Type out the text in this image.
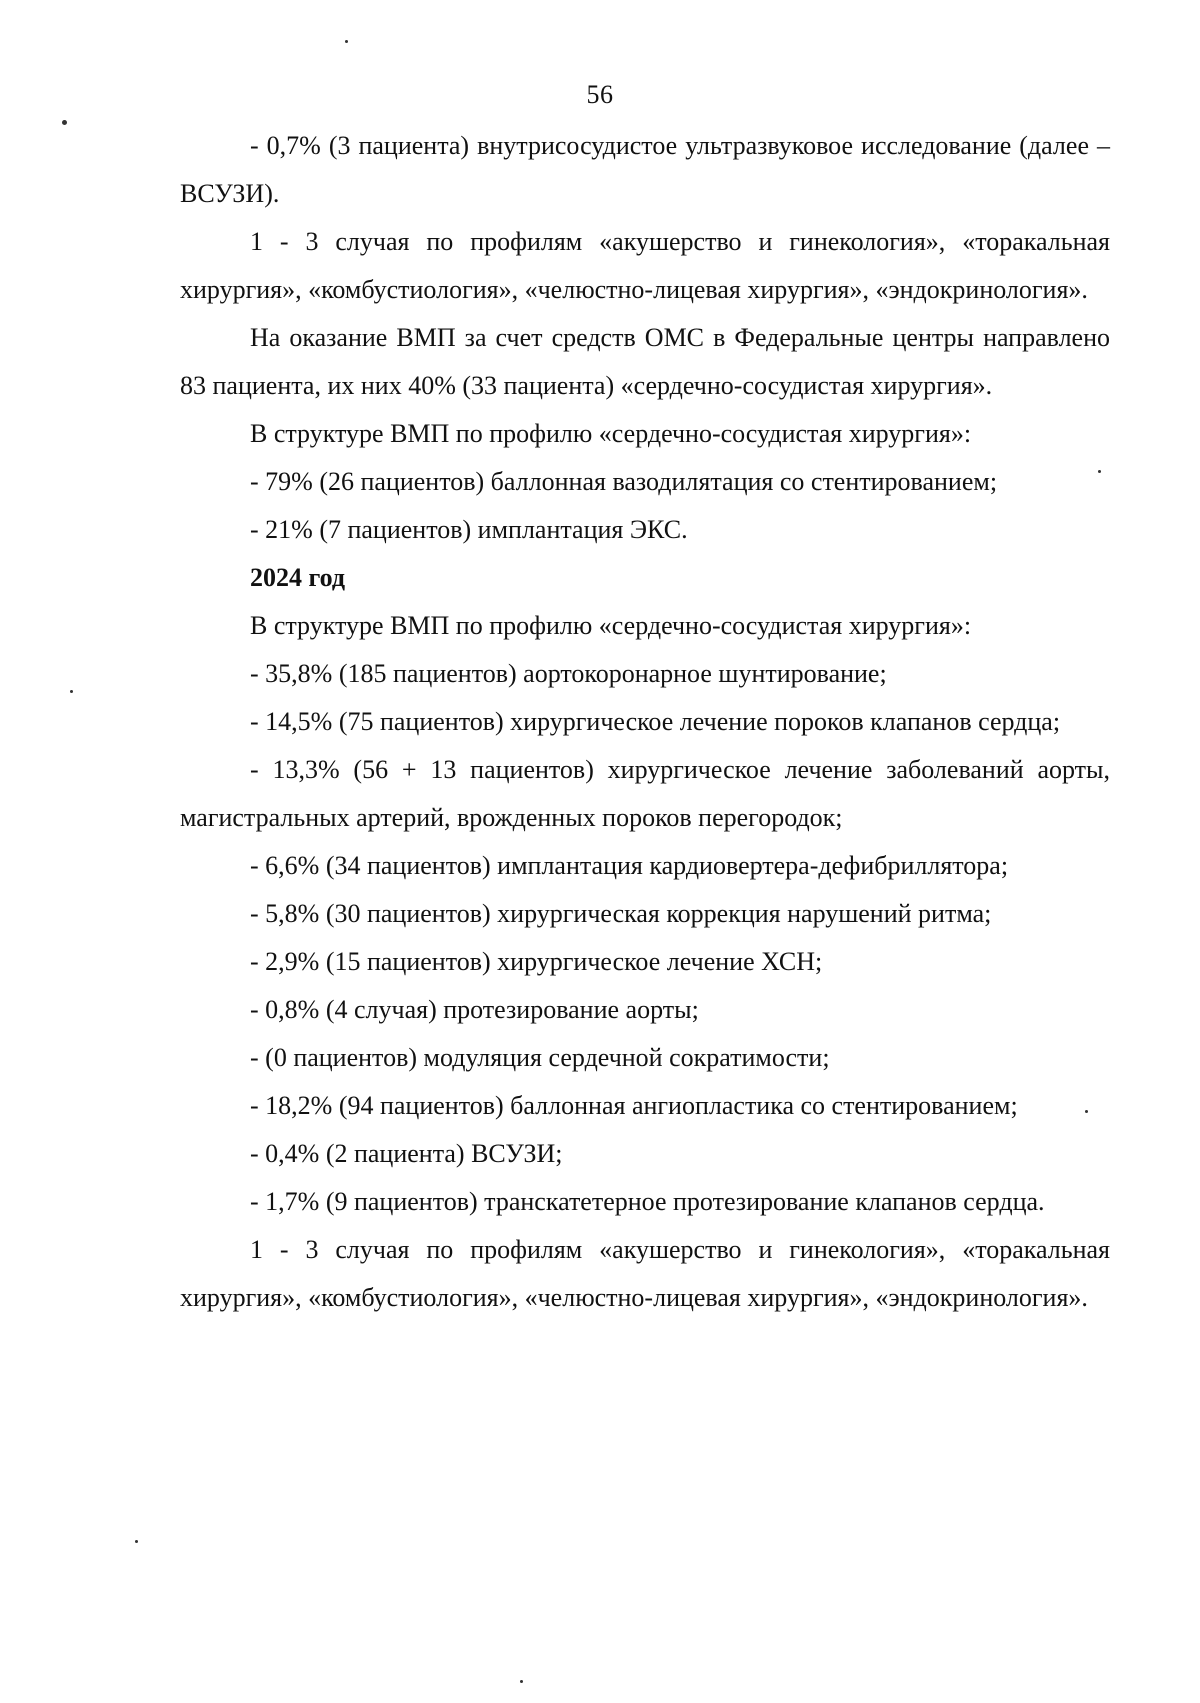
56

- 0,7% (3 пациента) внутрисосудистое ультразвуковое исследование (далее – ВСУЗИ).

1 - 3 случая по профилям «акушерство и гинекология», «торакальная хирургия», «комбустиология», «челюстно-лицевая хирургия», «эндокринология».

На оказание ВМП за счет средств ОМС в Федеральные центры направлено 83 пациента, их них 40% (33 пациента) «сердечно-сосудистая хирургия».

В структуре ВМП по профилю «сердечно-сосудистая хирургия»:

- 79% (26 пациентов) баллонная вазодилятация со стентированием;

- 21% (7 пациентов) имплантация ЭКС.

2024 год

В структуре ВМП по профилю «сердечно-сосудистая хирургия»:

- 35,8% (185 пациентов) аортокоронарное шунтирование;

- 14,5% (75 пациентов) хирургическое лечение пороков клапанов сердца;

- 13,3% (56 + 13 пациентов) хирургическое лечение заболеваний аорты, магистральных артерий, врожденных пороков перегородок;

- 6,6% (34 пациентов) имплантация кардиовертера-дефибриллятора;

- 5,8% (30 пациентов) хирургическая коррекция нарушений ритма;

- 2,9% (15 пациентов) хирургическое лечение ХСН;

- 0,8% (4 случая) протезирование аорты;

- (0 пациентов) модуляция сердечной сократимости;

- 18,2% (94 пациентов) баллонная ангиопластика со стентированием;

- 0,4% (2 пациента) ВСУЗИ;

- 1,7% (9 пациентов) транскатетерное протезирование клапанов сердца.

1 - 3 случая по профилям «акушерство и гинекология», «торакальная хирургия», «комбустиология», «челюстно-лицевая хирургия», «эндокринология».
